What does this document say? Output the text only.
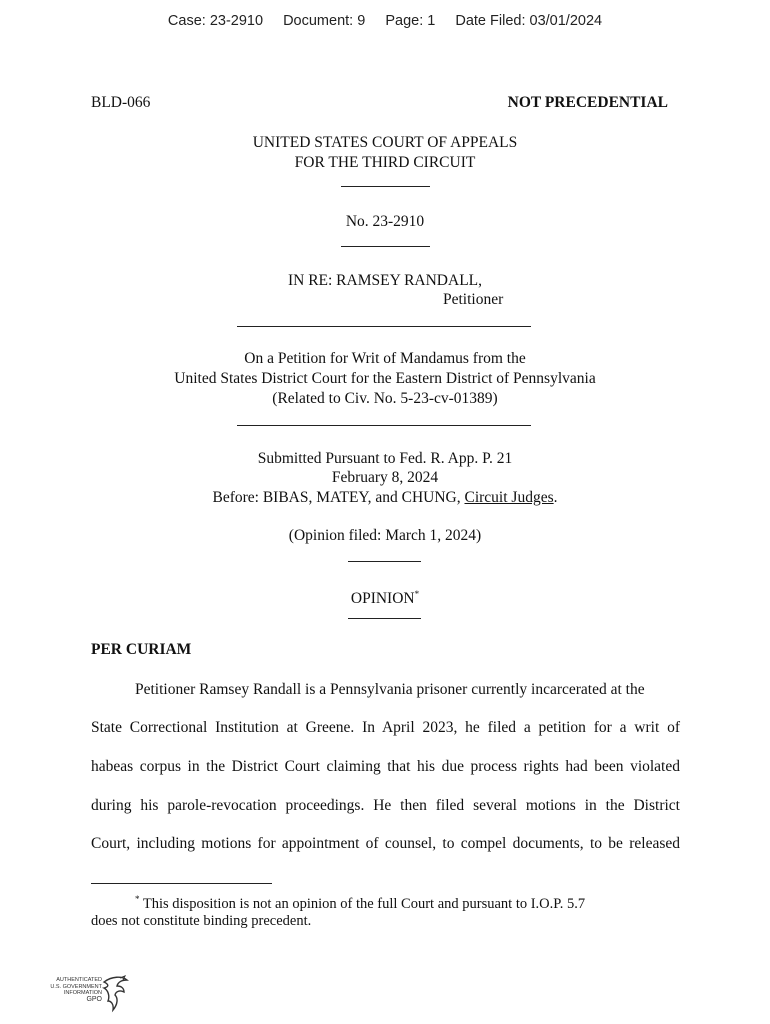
Case: 23-2910 Document: 9 Page: 1 Date Filed: 03/01/2024
BLD-066	NOT PRECEDENTIAL
UNITED STATES COURT OF APPEALS
FOR THE THIRD CIRCUIT
No. 23-2910
IN RE: RAMSEY RANDALL,
Petitioner
On a Petition for Writ of Mandamus from the
United States District Court for the Eastern District of Pennsylvania
(Related to Civ. No. 5-23-cv-01389)
Submitted Pursuant to Fed. R. App. P. 21
February 8, 2024
Before: BIBAS, MATEY, and CHUNG, Circuit Judges.
(Opinion filed: March 1, 2024)
OPINION*
PER CURIAM
Petitioner Ramsey Randall is a Pennsylvania prisoner currently incarcerated at the
State Correctional Institution at Greene. In April 2023, he filed a petition for a writ of
habeas corpus in the District Court claiming that his due process rights had been violated
during his parole-revocation proceedings. He then filed several motions in the District
Court, including motions for appointment of counsel, to compel documents, to be released
* This disposition is not an opinion of the full Court and pursuant to I.O.P. 5.7
does not constitute binding precedent.
AUTHENTICATED
U.S. GOVERNMENT
INFORMATION
GPO
